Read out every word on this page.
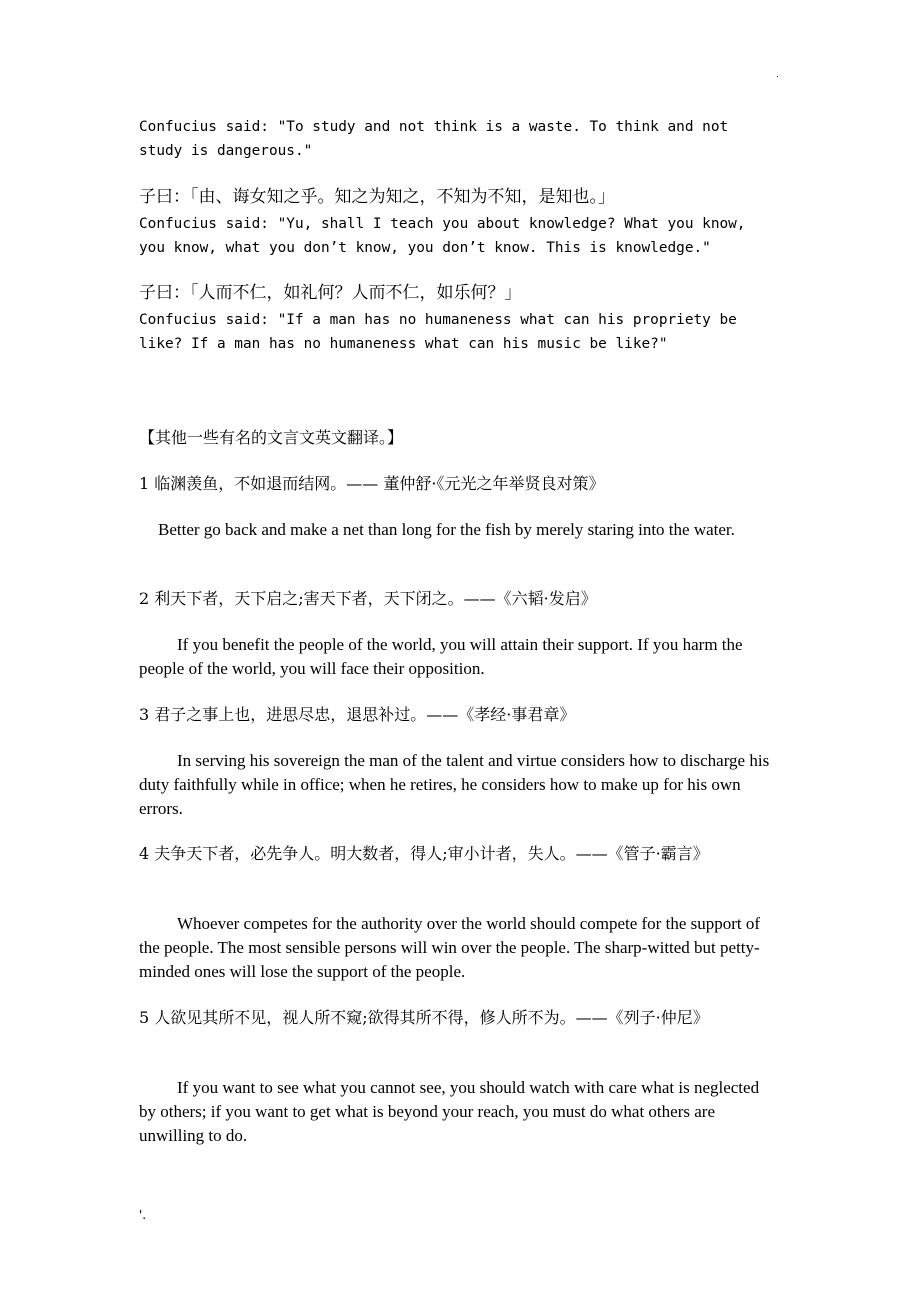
.
Confucius said: "To study and not think is a waste. To think and not
study is dangerous."
子曰：「由、诲女知之乎。知之为知之，不知为不知，是知也。」
Confucius said: "Yu, shall I teach you about knowledge? What you know,
you know, what you don’t know, you don’t know. This is knowledge."
子曰：「人而不仁，如礼何？人而不仁，如乐何？」
Confucius said: "If a man has no humaneness what can his propriety be
like? If a man has no humaneness what can his music be like?"
【其他一些有名的文言文英文翻译。】
1 临渊羡鱼，不如退而结网。—— 董仲舒·《元光之年举贤良对策》
Better go back and make a net than long for the fish by merely staring into the water.
2 利天下者，天下启之;害天下者，天下闭之。——《六韬·发启》
If you benefit the people of the world, you will attain their support. If you harm the people of the world, you will face their opposition.
3 君子之事上也，进思尽忠，退思补过。——《孝经·事君章》
In serving his sovereign the man of the talent and virtue considers how to discharge his duty faithfully while in office; when he retires, he considers how to make up for his own errors.
4 夫争天下者，必先争人。明大数者，得人;审小计者，失人。——《管子·霸言》
Whoever competes for the authority over the world should compete for the support of the people. The most sensible persons will win over the people. The sharp-witted but petty-minded ones will lose the support of the people.
5 人欲见其所不见，视人所不窥;欲得其所不得，修人所不为。——《列子·仲尼》
If you want to see what you cannot see, you should watch with care what is neglected by others; if you want to get what is beyond your reach, you must do what others are unwilling to do.
'.
